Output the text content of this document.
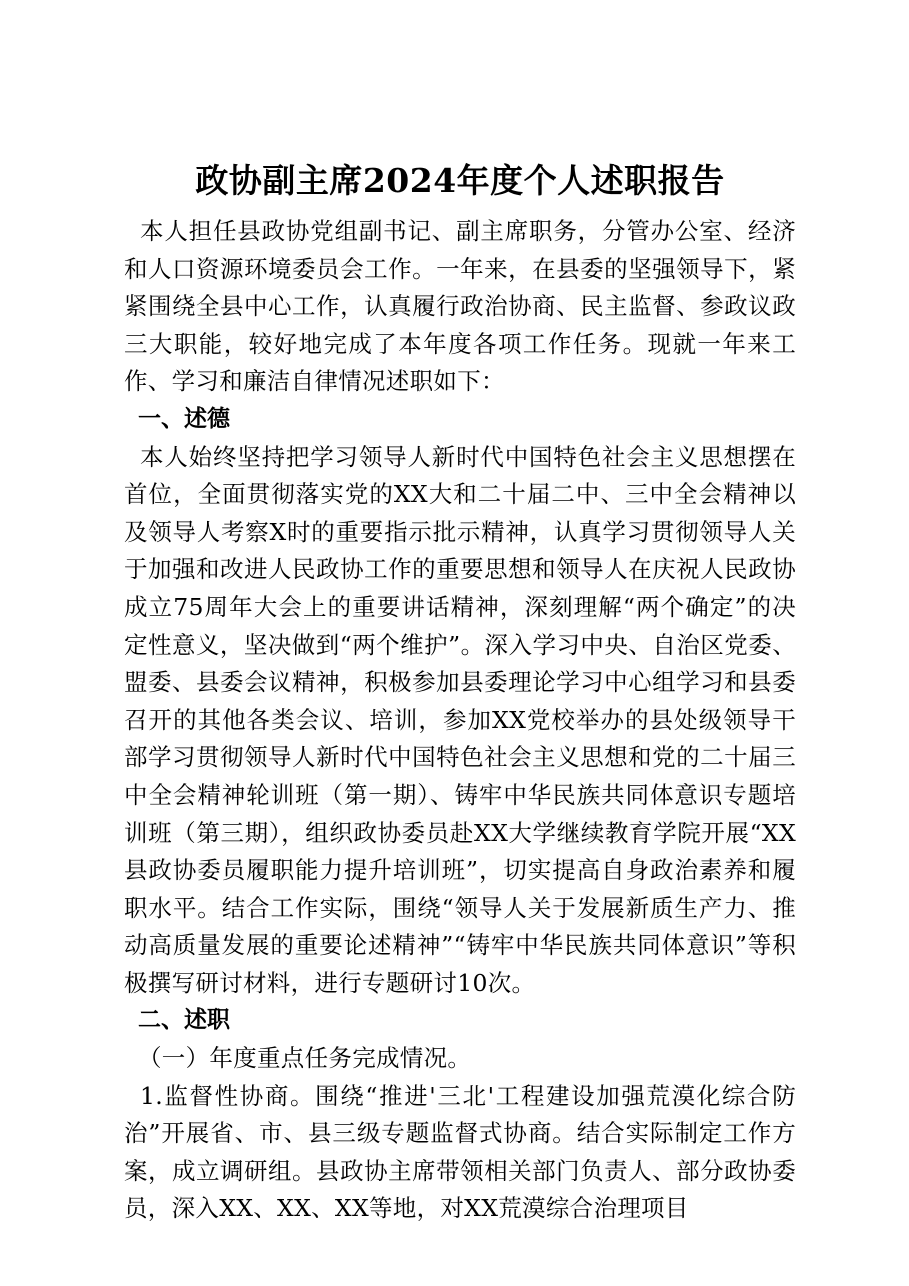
政协副主席2024年度个人述职报告

本人担任县政协党组副书记、副主席职务，分管办公室、经济和人口资源环境委员会工作。一年来，在县委的坚强领导下，紧紧围绕全县中心工作，认真履行政治协商、民主监督、参政议政三大职能，较好地完成了本年度各项工作任务。现就一年来工作、学习和廉洁自律情况述职如下：

一、述德

本人始终坚持把学习领导人新时代中国特色社会主义思想摆在首位，全面贯彻落实党的XX大和二十届二中、三中全会精神以及领导人考察X时的重要指示批示精神，认真学习贯彻领导人关于加强和改进人民政协工作的重要思想和领导人在庆祝人民政协成立75周年大会上的重要讲话精神，深刻理解“两个确定”的决定性意义，坚决做到“两个维护”。深入学习中央、自治区党委、盟委、县委会议精神，积极参加县委理论学习中心组学习和县委召开的其他各类会议、培训，参加XX党校举办的县处级领导干部学习贯彻领导人新时代中国特色社会主义思想和党的二十届三中全会精神轮训班（第一期）、铸牢中华民族共同体意识专题培训班（第三期），组织政协委员赴XX大学继续教育学院开展“XX县政协委员履职能力提升培训班”，切实提高自身政治素养和履职水平。结合工作实际，围绕“领导人关于发展新质生产力、推动高质量发展的重要论述精神”“铸牢中华民族共同体意识”等积极撰写研讨材料，进行专题研讨10次。

二、述职

（一）年度重点任务完成情况。

1.监督性协商。围绕“推进'三北'工程建设加强荒漠化综合防治”开展省、市、县三级专题监督式协商。结合实际制定工作方案，成立调研组。县政协主席带领相关部门负责人、部分政协委员，深入XX、XX、XX等地，对XX荒漠综合治理项目
